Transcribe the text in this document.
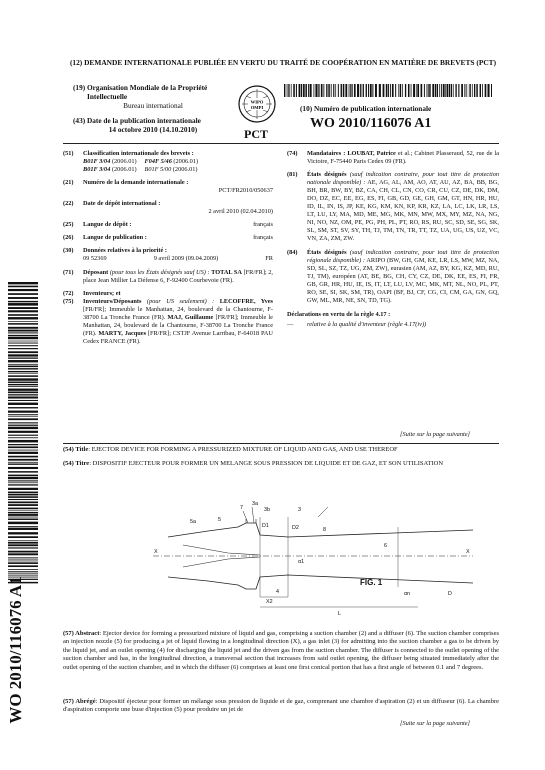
(12) DEMANDE INTERNATIONALE PUBLIÉE EN VERTU DU TRAITÉ DE COOPÉRATION EN MATIÈRE DE BREVETS (PCT)
(19) Organisation Mondiale de la Propriété Intellectuelle
Bureau international
(43) Date de la publication internationale
14 octobre 2010 (14.10.2010)
WIPO
OMPI
PCT
(10) Numéro de publication internationale
WO 2010/116076 A1
(51) Classification internationale des brevets :
B01F 3/04 (2006.01) F04F 5/46 (2006.01)
B01F 3/04 (2006.01) B01F 5/00 (2006.01)
(21) Numéro de la demande internationale :
PCT/FR2010/050637
(22) Date de dépôt international :
2 avril 2010 (02.04.2010)
(25) Langue de dépôt :	français
(26) Langue de publication :	français
(30) Données relatives à la priorité :
09 52369	9 avril 2009 (09.04.2009)	FR
(71) Déposant (pour tous les États désignés sauf US) : TOTAL SA [FR/FR]; 2, place Jean Millier La Défense 6, F-92400 Courbevoie (FR).
(72) Inventeurs; et
(75) Inventeurs/Déposants (pour US seulement) : LECOFFRE, Yves [FR/FR]; Immeuble le Manhattan, 24, boulevard de la Chantourne, F-38700 La Tronche France (FR). MAJ, Guillaume [FR/FR]; Immeuble le Manhattan, 24, boulevard de la Chantourne, F-38700 La Tronche France (FR). MARTY, Jacques [FR/FR]; CSTJF Avenue Larribau, F-64018 PAU Cedex FRANCE (FR).
(74) Mandataires : LOUBAT, Patrice et al.; Cabinet Plasseraud, 52, rue de la Victoire, F-75440 Paris Cedex 09 (FR).
(81) États désignés (sauf indication contraire, pour tout titre de protection nationale disponible) : AE, AG, AL, AM, AO, AT, AU, AZ, BA, BB, BG, BH, BR, BW, BY, BZ, CA, CH, CL, CN, CO, CR, CU, CZ, DE, DK, DM, DO, DZ, EC, EE, EG, ES, FI, GB, GD, GE, GH, GM, GT, HN, HR, HU, ID, IL, IN, IS, JP, KE, KG, KM, KN, KP, KR, KZ, LA, LC, LK, LR, LS, LT, LU, LY, MA, MD, ME, MG, MK, MN, MW, MX, MY, MZ, NA, NG, NI, NO, NZ, OM, PE, PG, PH, PL, PT, RO, RS, RU, SC, SD, SE, SG, SK, SL, SM, ST, SV, SY, TH, TJ, TM, TN, TR, TT, TZ, UA, UG, US, UZ, VC, VN, ZA, ZM, ZW.
(84) États désignés (sauf indication contraire, pour tout titre de protection régionale disponible) : ARIPO (BW, GH, GM, KE, LR, LS, MW, MZ, NA, SD, SL, SZ, TZ, UG, ZM, ZW), eurasien (AM, AZ, BY, KG, KZ, MD, RU, TJ, TM), européen (AT, BE, BG, CH, CY, CZ, DE, DK, EE, ES, FI, FR, GB, GR, HR, HU, IE, IS, IT, LT, LU, LV, MC, MK, MT, NL, NO, PL, PT, RO, SE, SI, SK, SM, TR), OAPI (BF, BJ, CF, CG, CI, CM, GA, GN, GQ, GW, ML, MR, NE, SN, TD, TG).
Déclarations en vertu de la règle 4.17 :
— relative à la qualité d'inventeur (règle 4.17(iv))
[Suite sur la page suivante]
(54) Title: EJECTOR DEVICE FOR FORMING A PRESSURIZED MIXTURE OF LIQUID AND GAS, AND USE THEREOF
(54) Titre: DISPOSITIF EJECTEUR POUR FORMER UN MELANGE SOUS PRESSION DE LIQUIDE ET DE GAZ, ET SON UTILISATION
WO 2010/116076 A1
5a
7
3a
3b	3
5
8
D1	D2
X
6
X
α1
αn	D
4
X2
L
FIG. 1
(57) Abstract: Ejector device for forming a pressurized mixture of liquid and gas, comprising a suction chamber (2) and a diffuser (6). The suction chamber comprises an injection nozzle (5) for producing a jet of liquid flowing in a longitudinal direction (X), a gas inlet (3) for admitting into the suction chamber a gas to be driven by the liquid jet, and an outlet opening (4) for discharging the liquid jet and the driven gas from the suction chamber. The diffuser is connected to the outlet opening of the suction chamber and has, in the longitudinal direction, a transversal section that increases from said outlet opening, the diffuser being situated immediately after the outlet opening of the suction chamber, and in which the diffuser (6) comprises at least one first conical portion that has a first angle of between 0.1 and 7 degrees.
(57) Abrégé: Dispositif éjecteur pour former un mélange sous pression de liquide et de gaz, comprenant une chambre d'aspiration (2) et un diffuseur (6). La chambre d'aspiration comporte une buse d'injection (5) pour produire un jet de
[Suite sur la page suivante]
